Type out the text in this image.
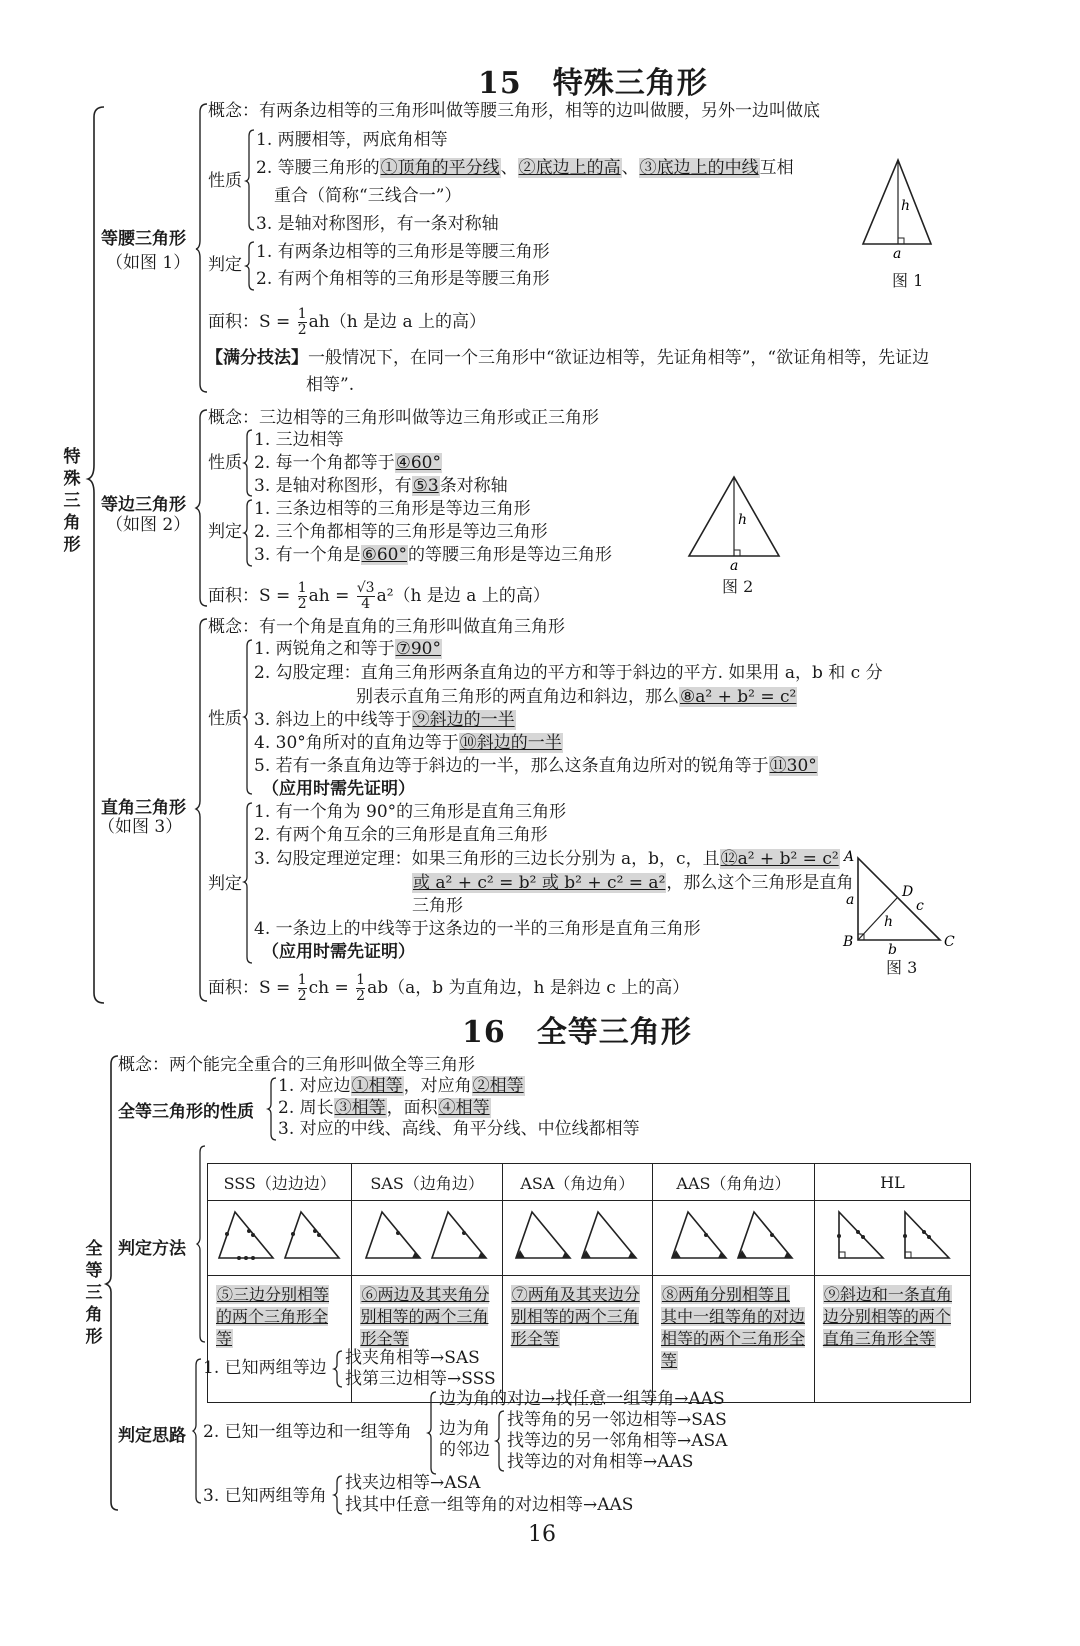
15　特殊三角形
特殊三角形
等腰三角形
（如图 1）
概念：有两条边相等的三角形叫做等腰三角形，相等的边叫做腰，另外一边叫做底
性质
1. 两腰相等，两底角相等
2. 等腰三角形的①顶角的平分线、②底边上的高、③底边上的中线互相
重合（简称“三线合一”）
3. 是轴对称图形，有一条对称轴
判定
1. 有两条边相等的三角形是等腰三角形
2. 有两个角相等的三角形是等腰三角形
面积：$S = \frac{1}{2} ah(h$ 是边 a 上的高）
【满分技法】一般情况下，在同一个三角形中“欲证边相等，先证角相等”，“欲证角相等，先证边
相等”.
h
a
图 1
等边三角形
（如图 2）
概念：三边相等的三角形叫做等边三角形或正三角形
性质
1. 三边相等
2. 每一个角都等于④60°
3. 是轴对称图形，有⑤3条对称轴
判定
1. 三条边相等的三角形是等边三角形
2. 三个角都相等的三角形是等边三角形
3. 有一个角是⑥60°的等腰三角形是等边三角形
面积：$S = \frac{1}{2}$ ah = $\frac{√3}{4} a^2(h$ 是边 a 上的高）
h
a
图 2
直角三角形
（如图 3）
概念：有一个角是直角的三角形叫做直角三角形
性质
1. 两锐角之和等于⑦90°
2. 勾股定理：直角三角形两条直角边的平方和等于斜边的平方. 如果用 a，b 和 c 分
别表示直角三角形的两直角边和斜边，那么⑧a² + b² = c²
3. 斜边上的中线等于⑨斜边的一半
4. 30°角所对的直角边等于⑩斜边的一半
5. 若有一条直角边等于斜边的一半，那么这条直角边所对的锐角等于⑪30°
（应用时需先证明）
判定
1. 有一个角为 90°的三角形是直角三角形
2. 有两个角互余的三角形是直角三角形
3. 勾股定理逆定理：如果三角形的三边长分别为 a，b，c，且⑫a² + b² = c²
或 a² + c² = b² 或 b² + c² = a²，那么这个三角形是直角
三角形
4. 一条边上的中线等于这条边的一半的三角形是直角三角形
（应用时需先证明）
面积：$S = \frac{1}{2}$ ch = $\frac{1}{2} ab(a$，b 为直角边，h 是斜边 c 上的高）
A
B	C
D
a
b
c
h
图 3
16　全等三角形
全等三角形
概念：两个能完全重合的三角形叫做全等三角形
全等三角形的性质
1. 对应边①相等，对应角②相等
2. 周长③相等，面积④相等
3. 对应的中线、高线、角平分线、中位线都相等
判定方法
SSS（边边边）	SAS（边角边）	ASA（角边角）	AAS（角角边）	HL

⑤三边分别相等的两个三角形全等	⑥两边及其夹角分别相等的两个三角形全等	⑦两角及其夹边分别相等的两个三角形全等	⑧两角分别相等且其中一组等角的对边相等的两个三角形全等	⑨斜边和一条直角边分别相等的两个直角三角形全等
判定思路
1. 已知两组等边 找夹角相等→SAS
找第三边相等→SSS
2. 已知一组等边和一组等角
边为角的对边→找任意一组等角→AAS
边为角
的邻边
找等角的另一邻边相等→SAS
找等边的另一邻角相等→ASA
找等边的对角相等→AAS
3. 已知两组等角
找夹边相等→ASA
找其中任意一组等角的对边相等→AAS
16
